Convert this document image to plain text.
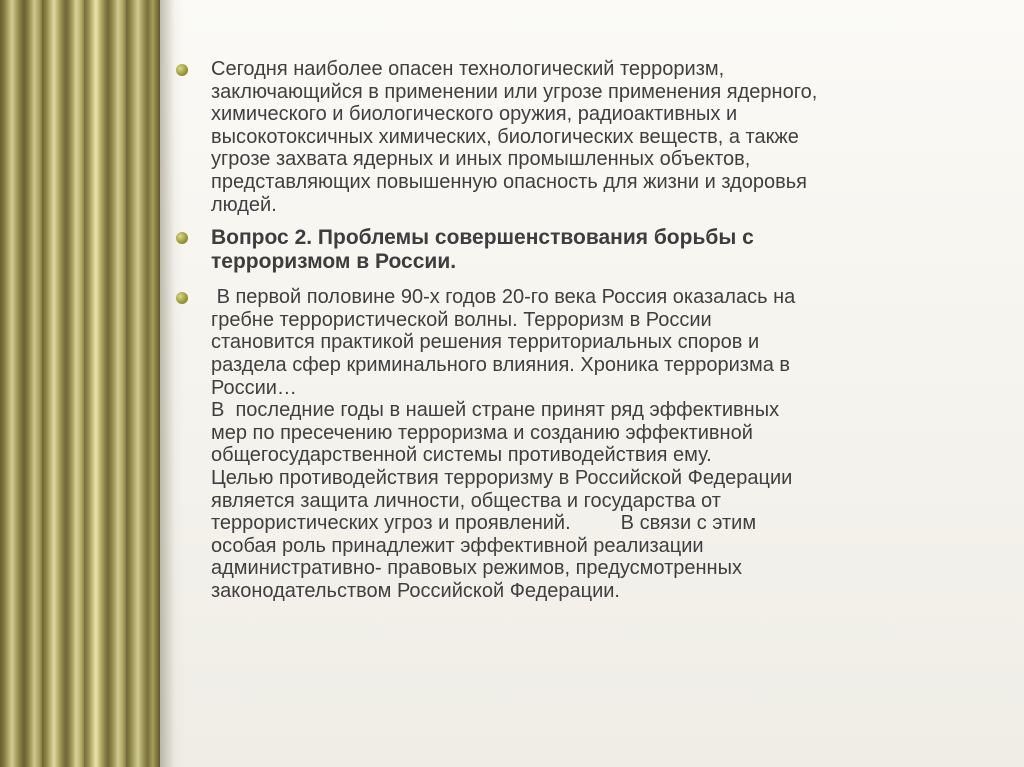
Сегодня наиболее опасен технологический терроризм,
заключающийся в применении или угрозе применения ядерного,
химического и биологического оружия, радиоактивных и
высокотоксичных химических, биологических веществ, а также
угрозе захвата ядерных и иных промышленных объектов,
представляющих повышенную опасность для жизни и здоровья
людей.
Вопрос 2. Проблемы совершенствования борьбы с
терроризмом в России.
В первой половине 90-х годов 20-го века Россия оказалась на
гребне террористической волны. Терроризм в России
становится практикой решения территориальных споров и
раздела сфер криминального влияния. Хроника терроризма в
России…
В  последние годы в нашей стране принят ряд эффективных
мер по пресечению терроризма и созданию эффективной
общегосударственной системы противодействия ему.
Целью противодействия терроризму в Российской Федерации
является защита личности, общества и государства от
террористических угроз и проявлений.         В связи с этим
особая роль принадлежит эффективной реализации
административно- правовых режимов, предусмотренных
законодательством Российской Федерации.
